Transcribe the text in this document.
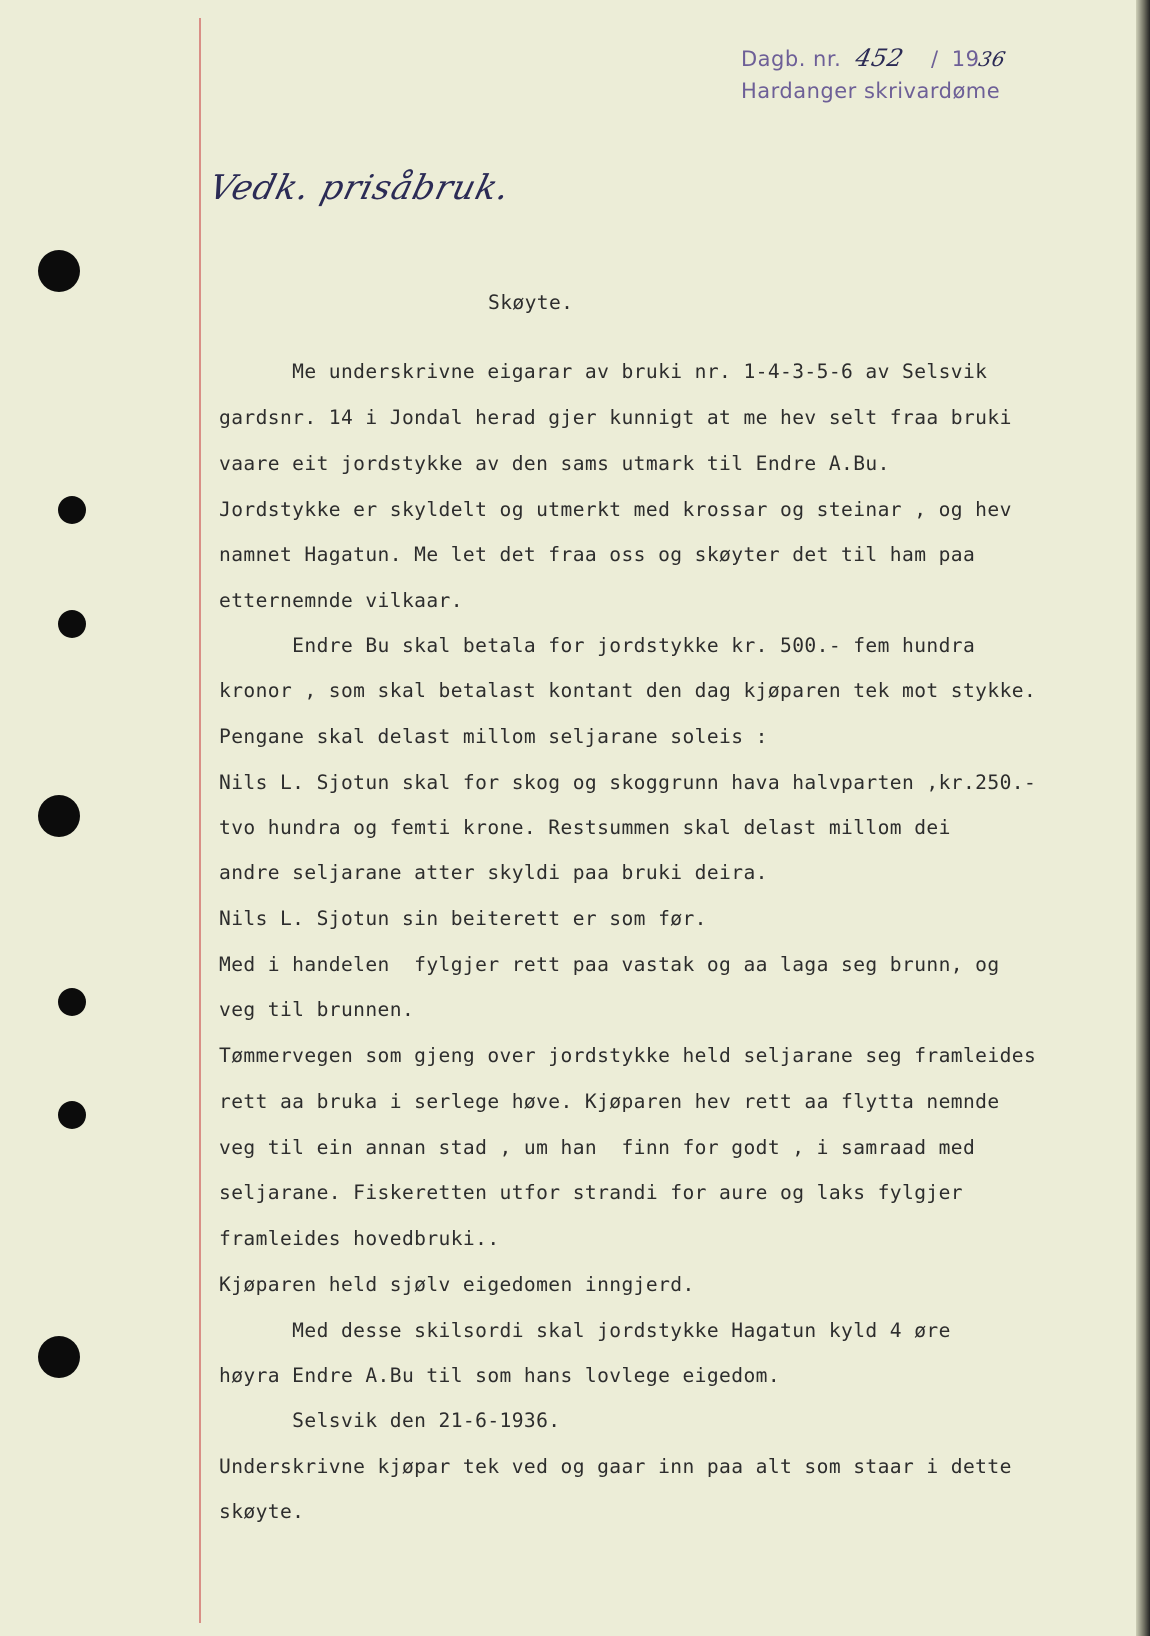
Dagb. nr. 452 / 1936
Hardanger skrivardøme
Vedk. prisåbruk.
Skøyte.
Me underskrivne eigarar av bruki nr. 1-4-3-5-6 av Selsvik
gardsnr. 14 i Jondal herad gjer kunnigt at me hev selt fraa bruki
vaare eit jordstykke av den sams utmark til Endre A.Bu.
Jordstykke er skyldelt og utmerkt med krossar og steinar , og hev
namnet Hagatun. Me let det fraa oss og skøyter det til ham paa
etternemnde vilkaar.
Endre Bu skal betala for jordstykke kr. 500.- fem hundra
kronor , som skal betalast kontant den dag kjøparen tek mot stykke.
Pengane skal delast millom seljarane soleis :
Nils L. Sjotun skal for skog og skoggrunn hava halvparten ,kr.250.-
tvo hundra og femti krone. Restsummen skal delast millom dei
andre seljarane atter skyldi paa bruki deira.
Nils L. Sjotun sin beiterett er som før.
Med i handelen  fylgjer rett paa vastak og aa laga seg brunn, og
veg til brunnen.
Tømmervegen som gjeng over jordstykke held seljarane seg framleides
rett aa bruka i serlege høve. Kjøparen hev rett aa flytta nemnde
veg til ein annan stad , um han  finn for godt , i samraad med
seljarane. Fiskeretten utfor strandi for aure og laks fylgjer
framleides hovedbruki..
Kjøparen held sjølv eigedomen inngjerd.
Med desse skilsordi skal jordstykke Hagatun kyld 4 øre
høyra Endre A.Bu til som hans lovlege eigedom.
Selsvik den 21-6-1936.
Underskrivne kjøpar tek ved og gaar inn paa alt som staar i dette
skøyte.
